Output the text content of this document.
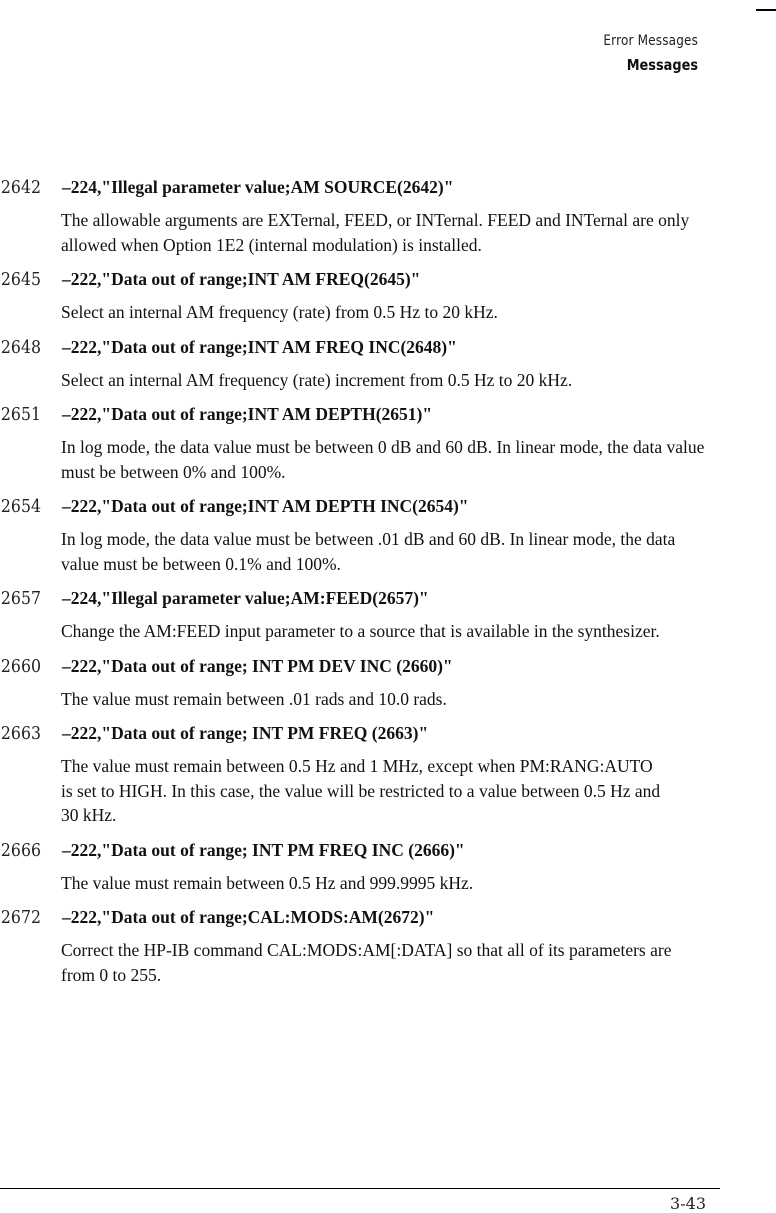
Error Messages
Messages
2642	–224,"Illegal parameter value;AM SOURCE(2642)"
The allowable arguments are EXTernal, FEED, or INTernal. FEED and INTernal are only allowed when Option 1E2 (internal modulation) is installed.
2645	–222,"Data out of range;INT AM FREQ(2645)"
Select an internal AM frequency (rate) from 0.5 Hz to 20 kHz.
2648	–222,"Data out of range;INT AM FREQ INC(2648)"
Select an internal AM frequency (rate) increment from 0.5 Hz to 20 kHz.
2651	–222,"Data out of range;INT AM DEPTH(2651)"
In log mode, the data value must be between 0 dB and 60 dB. In linear mode, the data value must be between 0% and 100%.
2654	–222,"Data out of range;INT AM DEPTH INC(2654)"
In log mode, the data value must be between .01 dB and 60 dB. In linear mode, the data value must be between 0.1% and 100%.
2657	–224,"Illegal parameter value;AM:FEED(2657)"
Change the AM:FEED input parameter to a source that is available in the synthesizer.
2660	–222,"Data out of range; INT PM DEV INC (2660)"
The value must remain between .01 rads and 10.0 rads.
2663	–222,"Data out of range; INT PM FREQ (2663)"
The value must remain between 0.5 Hz and 1 MHz, except when PM:RANG:AUTO is set to HIGH. In this case, the value will be restricted to a value between 0.5 Hz and 30 kHz.
2666	–222,"Data out of range; INT PM FREQ INC (2666)"
The value must remain between 0.5 Hz and 999.9995 kHz.
2672	–222,"Data out of range;CAL:MODS:AM(2672)"
Correct the HP-IB command CAL:MODS:AM[:DATA] so that all of its parameters are from 0 to 255.
3-43
